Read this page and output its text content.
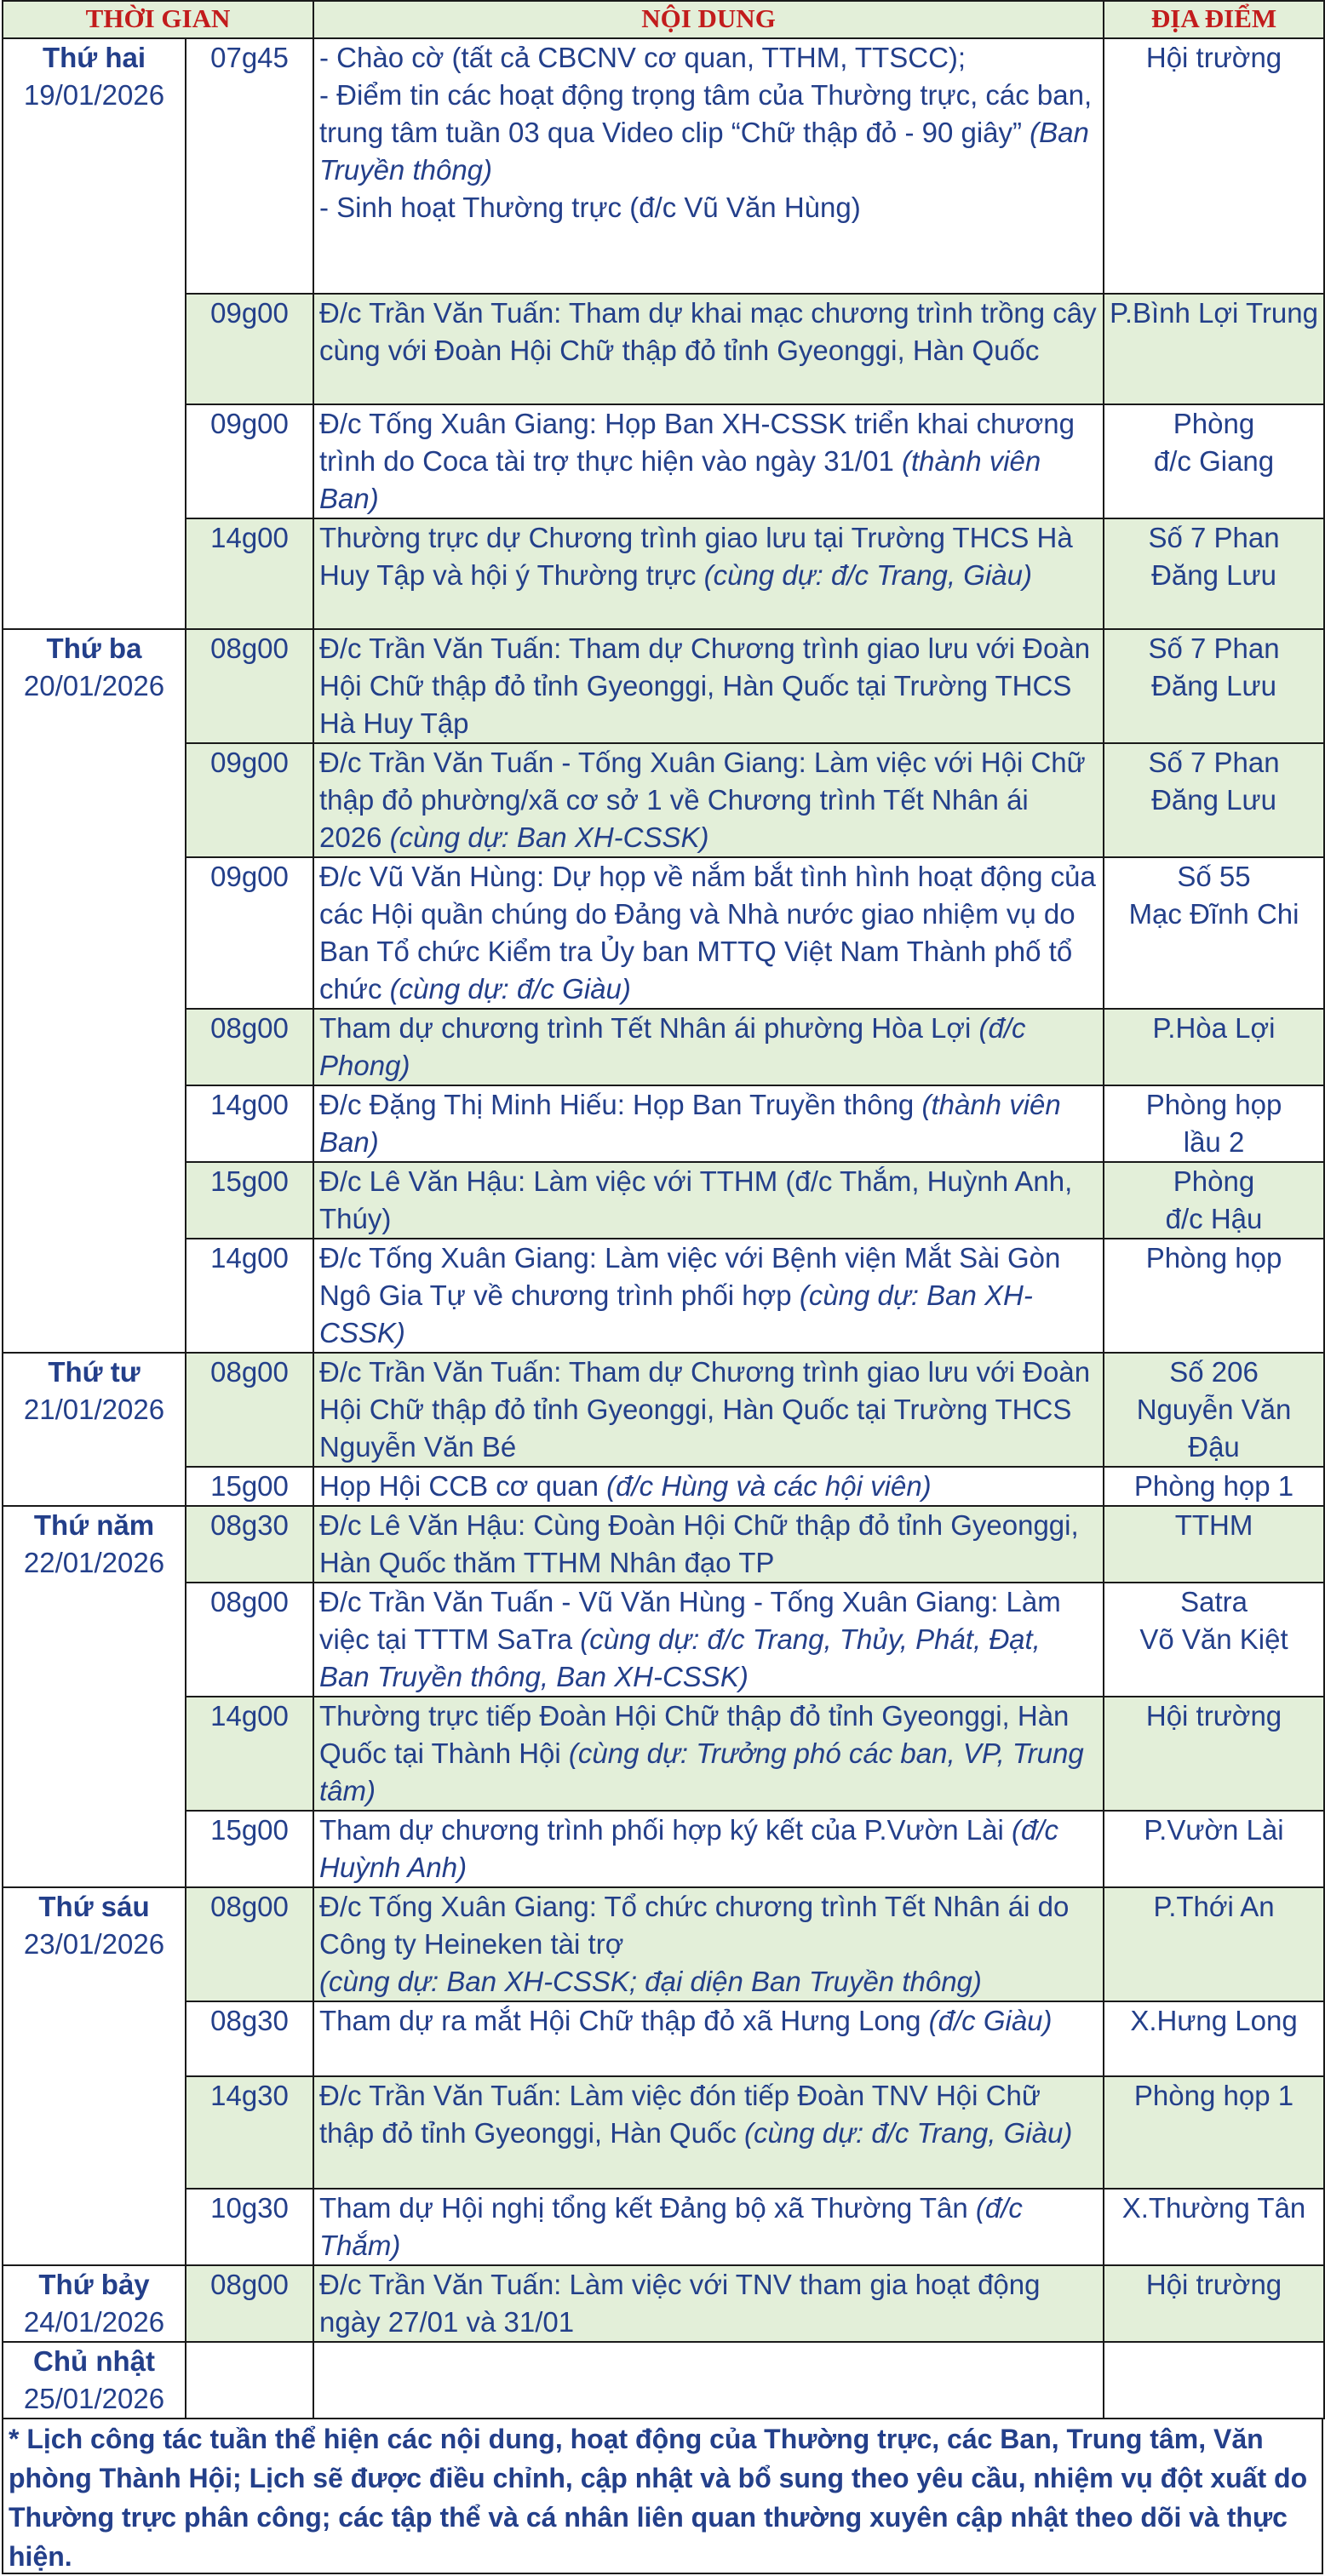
THỜI GIAN		NỘI DUNG	ĐỊA ĐIỂM

Thứ hai
19/01/2026	07g45	- Chào cờ (tất cả CBCNV cơ quan, TTHM, TTSCC);
- Điểm tin các hoạt động trọng tâm của Thường trực, các ban, trung tâm tuần 03 qua Video clip “Chữ thập đỏ - 90 giây” (Ban Truyền thông)
- Sinh hoạt Thường trực (đ/c Vũ Văn Hùng)	Hội trường
	09g00	Đ/c Trần Văn Tuấn: Tham dự khai mạc chương trình trồng cây cùng với Đoàn Hội Chữ thập đỏ tỉnh Gyeonggi, Hàn Quốc	P.Bình Lợi Trung
	09g00	Đ/c Tống Xuân Giang: Họp Ban XH-CSSK triển khai chương trình do Coca tài trợ thực hiện vào ngày 31/01 (thành viên Ban)	Phòng
đ/c Giang
	14g00	Thường trực dự Chương trình giao lưu tại Trường THCS Hà Huy Tập và hội ý Thường trực (cùng dự: đ/c Trang, Giàu)	Số 7 Phan
Đăng Lưu

Thứ ba
20/01/2026	08g00	Đ/c Trần Văn Tuấn: Tham dự Chương trình giao lưu với Đoàn Hội Chữ thập đỏ tỉnh Gyeonggi, Hàn Quốc tại Trường THCS Hà Huy Tập	Số 7 Phan
Đăng Lưu
	09g00	Đ/c Trần Văn Tuấn - Tống Xuân Giang: Làm việc với Hội Chữ thập đỏ phường/xã cơ sở 1 về Chương trình Tết Nhân ái 2026 (cùng dự: Ban XH-CSSK)	Số 7 Phan
Đăng Lưu
	09g00	Đ/c Vũ Văn Hùng: Dự họp về nắm bắt tình hình hoạt động của các Hội quần chúng do Đảng và Nhà nước giao nhiệm vụ do Ban Tổ chức Kiểm tra Ủy ban MTTQ Việt Nam Thành phố tổ chức (cùng dự: đ/c Giàu)	Số 55
Mạc Đĩnh Chi
	08g00	Tham dự chương trình Tết Nhân ái phường Hòa Lợi (đ/c Phong)	P.Hòa Lợi
	14g00	Đ/c Đặng Thị Minh Hiếu: Họp Ban Truyền thông (thành viên Ban)	Phòng họp
lầu 2
	15g00	Đ/c Lê Văn Hậu: Làm việc với TTHM (đ/c Thắm, Huỳnh Anh, Thúy)	Phòng
đ/c Hậu
	14g00	Đ/c Tống Xuân Giang: Làm việc với Bệnh viện Mắt Sài Gòn Ngô Gia Tự về chương trình phối hợp (cùng dự: Ban XH-CSSK)	Phòng họp

Thứ tư
21/01/2026	08g00	Đ/c Trần Văn Tuấn: Tham dự Chương trình giao lưu với Đoàn Hội Chữ thập đỏ tỉnh Gyeonggi, Hàn Quốc tại Trường THCS Nguyễn Văn Bé	Số 206
Nguyễn Văn
Đậu
	15g00	Họp Hội CCB cơ quan (đ/c Hùng và các hội viên)	Phòng họp 1

Thứ năm
22/01/2026	08g30	Đ/c Lê Văn Hậu: Cùng Đoàn Hội Chữ thập đỏ tỉnh Gyeonggi, Hàn Quốc thăm TTHM Nhân đạo TP	TTHM
	08g00	Đ/c Trần Văn Tuấn - Vũ Văn Hùng - Tống Xuân Giang: Làm việc tại TTTM SaTra (cùng dự: đ/c Trang, Thủy, Phát, Đạt, Ban Truyền thông, Ban XH-CSSK)	Satra
Võ Văn Kiệt
	14g00	Thường trực tiếp Đoàn Hội Chữ thập đỏ tỉnh Gyeonggi, Hàn Quốc tại Thành Hội (cùng dự: Trưởng phó các ban, VP, Trung tâm)	Hội trường
	15g00	Tham dự chương trình phối hợp ký kết của P.Vườn Lài (đ/c Huỳnh Anh)	P.Vườn Lài

Thứ sáu
23/01/2026	08g00	Đ/c Tống Xuân Giang: Tổ chức chương trình Tết Nhân ái do Công ty Heineken tài trợ
(cùng dự: Ban XH-CSSK; đại diện Ban Truyền thông)	P.Thới An
	08g30	Tham dự ra mắt Hội Chữ thập đỏ xã Hưng Long (đ/c Giàu)	X.Hưng Long
	14g30	Đ/c Trần Văn Tuấn: Làm việc đón tiếp Đoàn TNV Hội Chữ thập đỏ tỉnh Gyeonggi, Hàn Quốc (cùng dự: đ/c Trang, Giàu)	Phòng họp 1
	10g30	Tham dự Hội nghị tổng kết Đảng bộ xã Thường Tân (đ/c Thắm)	X.Thường Tân

Thứ bảy
24/01/2026	08g00	Đ/c Trần Văn Tuấn: Làm việc với TNV tham gia hoạt động ngày 27/01 và 31/01	Hội trường

Chủ nhật
25/01/2026			

* Lịch công tác tuần thể hiện các nội dung, hoạt động của Thường trực, các Ban, Trung tâm, Văn phòng Thành Hội; Lịch sẽ được điều chỉnh, cập nhật và bổ sung theo yêu cầu, nhiệm vụ đột xuất do Thường trực phân công; các tập thể và cá nhân liên quan thường xuyên cập nhật theo dõi và thực hiện.
